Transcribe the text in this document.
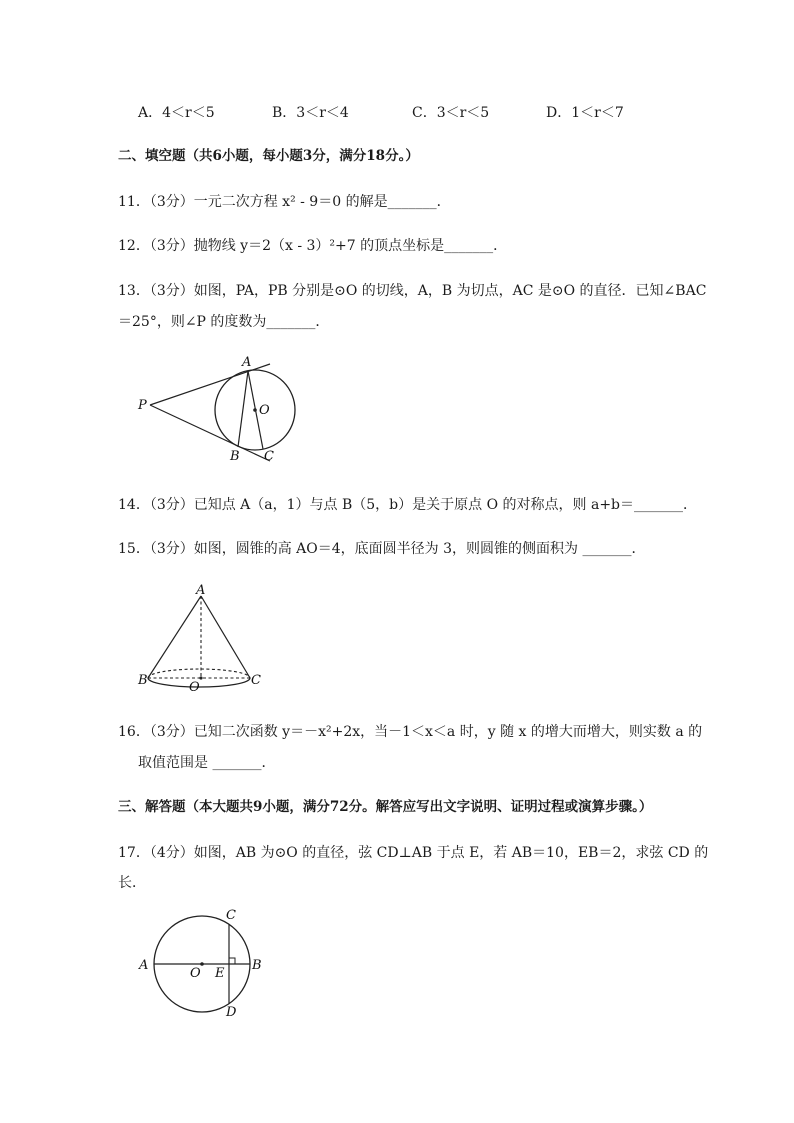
A．4＜r＜5	B．3＜r＜4	C．3＜r＜5	D．1＜r＜7
二、填空题（共6小题，每小题3分，满分18分。）
11．（3分）一元二次方程 x² - 9＝0 的解是_______．
12．（3分）抛物线 y＝2（x - 3）²+7 的顶点坐标是_______．
13．（3分）如图，PA，PB 分别是⊙O 的切线，A，B 为切点，AC 是⊙O 的直径．已知∠BAC
＝25°，则∠P 的度数为_______．
A
O
P
B C
14．（3分）已知点 A（a，1）与点 B（5，b）是关于原点 O 的对称点，则 a+b＝_______．
15．（3分）如图，圆锥的高 AO＝4，底面圆半径为 3，则圆锥的侧面积为 _______．
A
B	O	C
16．（3分）已知二次函数 y＝－x²+2x，当－1＜x＜a 时，y 随 x 的增大而增大，则实数 a 的
取值范围是 _______．
三、解答题（本大题共9小题，满分72分。解答应写出文字说明、证明过程或演算步骤。）
17．（4分）如图，AB 为⊙O 的直径，弦 CD⊥AB 于点 E，若 AB＝10，EB＝2，求弦 CD 的
长．
A
O E
B
C
D
